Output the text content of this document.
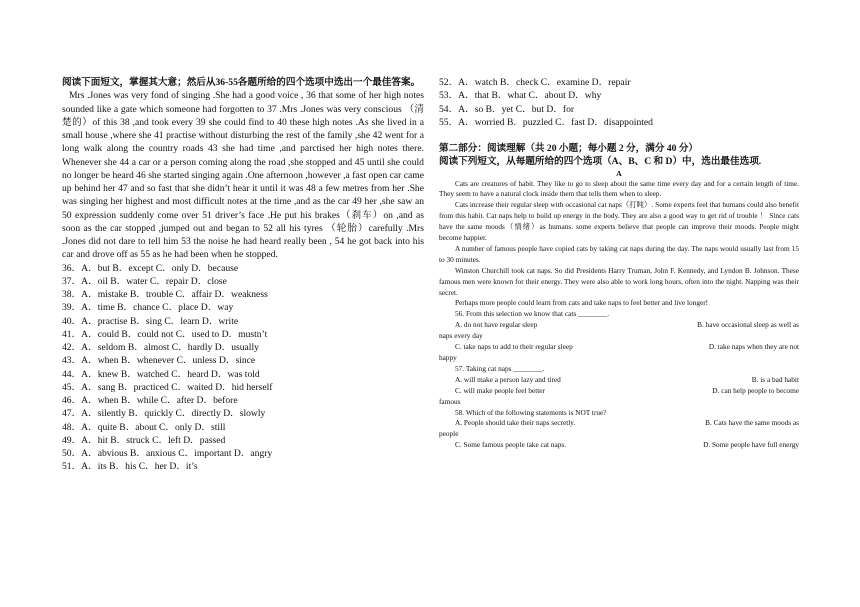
阅读下面短文，掌握其大意；然后从36-55各题所给的四个选项中选出一个最佳答案。
Mrs .Jones was very fond of singing .She had a good voice , 36 that some of her high notes sounded like a gate which someone had forgotten to 37 .Mrs .Jones was very conscious （清楚的）of this 38 ,and took every 39 she could find to 40 these high notes .As she lived in a small house ,where she 41 practise without disturbing the rest of the family ,she 42 went for a long walk along the country roads 43 she had time ,and parctised her high notes there. Whenever she 44 a car or a person coming along the road ,she stopped and 45 until she could no longer be heard 46 she started singing again .One afternoon ,however ,a fast open car came up behind her 47 and so fast that she didn’t hear it until it was 48 a few metres from her .She was singing her highest and most difficult notes at the time ,and as the car 49 her ,she saw an 50 expression suddenly come over 51 driver’s face .He put his brakes（刹车）on ,and as soon as the car stopped ,jumped out and began to 52 all his tyres （轮胎）carefully .Mrs .Jones did not dare to tell him 53 the noise he had heard really been , 54 he got back into his car and drove off as 55 as he had been when he stopped.
36．A．but B．except C．only D．because
37．A．oil B．water C．repair D．close
38．A．mistake B．trouble C．affair D．weakness
39．A．time B．chance C．place D．way
40．A．practise B．sing C．learn D．write
41．A．could B．could not C．used to D．mustn’t
42．A．seldom B．almost C．hardly D．usually
43．A．when B．whenever C．unless D．since
44．A．knew B．watched C．heard D．was told
45．A．sang B．practiced C．waited D．hid herself
46．A．when B．while C．after D．before
47．A．silently B．quickly C．directly D．slowly
48．A．quite B．about C．only D．still
49．A．hit B．struck C．left D．passed
50．A．abvious B．anxious C．important D．angry
51．A．its B．his C．her D．it’s
52．A．watch B．check C．examine D．repair
53．A．that B．what C．about D．why
54．A．so B．yet C．but D．for
55．A．worried B．puzzled C．fast D．disappointed
第二部分：阅读理解（共 20 小题；每小题 2 分，满分 40 分）
阅读下列短文，从每题所给的四个选项（A、B、C 和 D）中，选出最佳选项.
A
Cats are creatures of habit. They like to go to sleep about the same time every day and for a certain length of time. They seem to have a natural clock inside them that tells them when to sleep.
Cats increase their regular sleep with occasional cat naps（打盹）. Some experts feel that humans could also benefit from this habit. Cat naps help to build up energy in the body. They are also a good way to get rid of trouble ！ Since cats have the same moods（情绪）as humans. some experts believe that people can improve their moods. People might become happier.
A number of famous people have copied cats by taking cat naps during the day. The naps would usually last from 15 to 30 minutes.
Winston Churchill took cat naps. So did Presidents Harry Truman, John F. Kennedy, and Lyndon B. Johnson. These famous men were known for their energy. They were also able to work long hours, often into the night. Napping was their secret.
Perhaps more people could learn from cats and take naps to feel better and live longer!
56. From this selection we know that cats ________.
A. do not have regular sleep	B. have occasional sleep as well as
naps every day
C. take naps to add to their regular sleep	D. take naps when they are not
happy
57. Taking cat naps ________.
A. will make a person lazy and tired	B. is a bad habit
C. will make people feel better	D. can help people to become
famous
58. Which of the following statements is NOT true?
A. People should take their naps secretly.	B. Cats have the same moods as
people
C. Some famous people take cat naps.	D. Some people have full energy
